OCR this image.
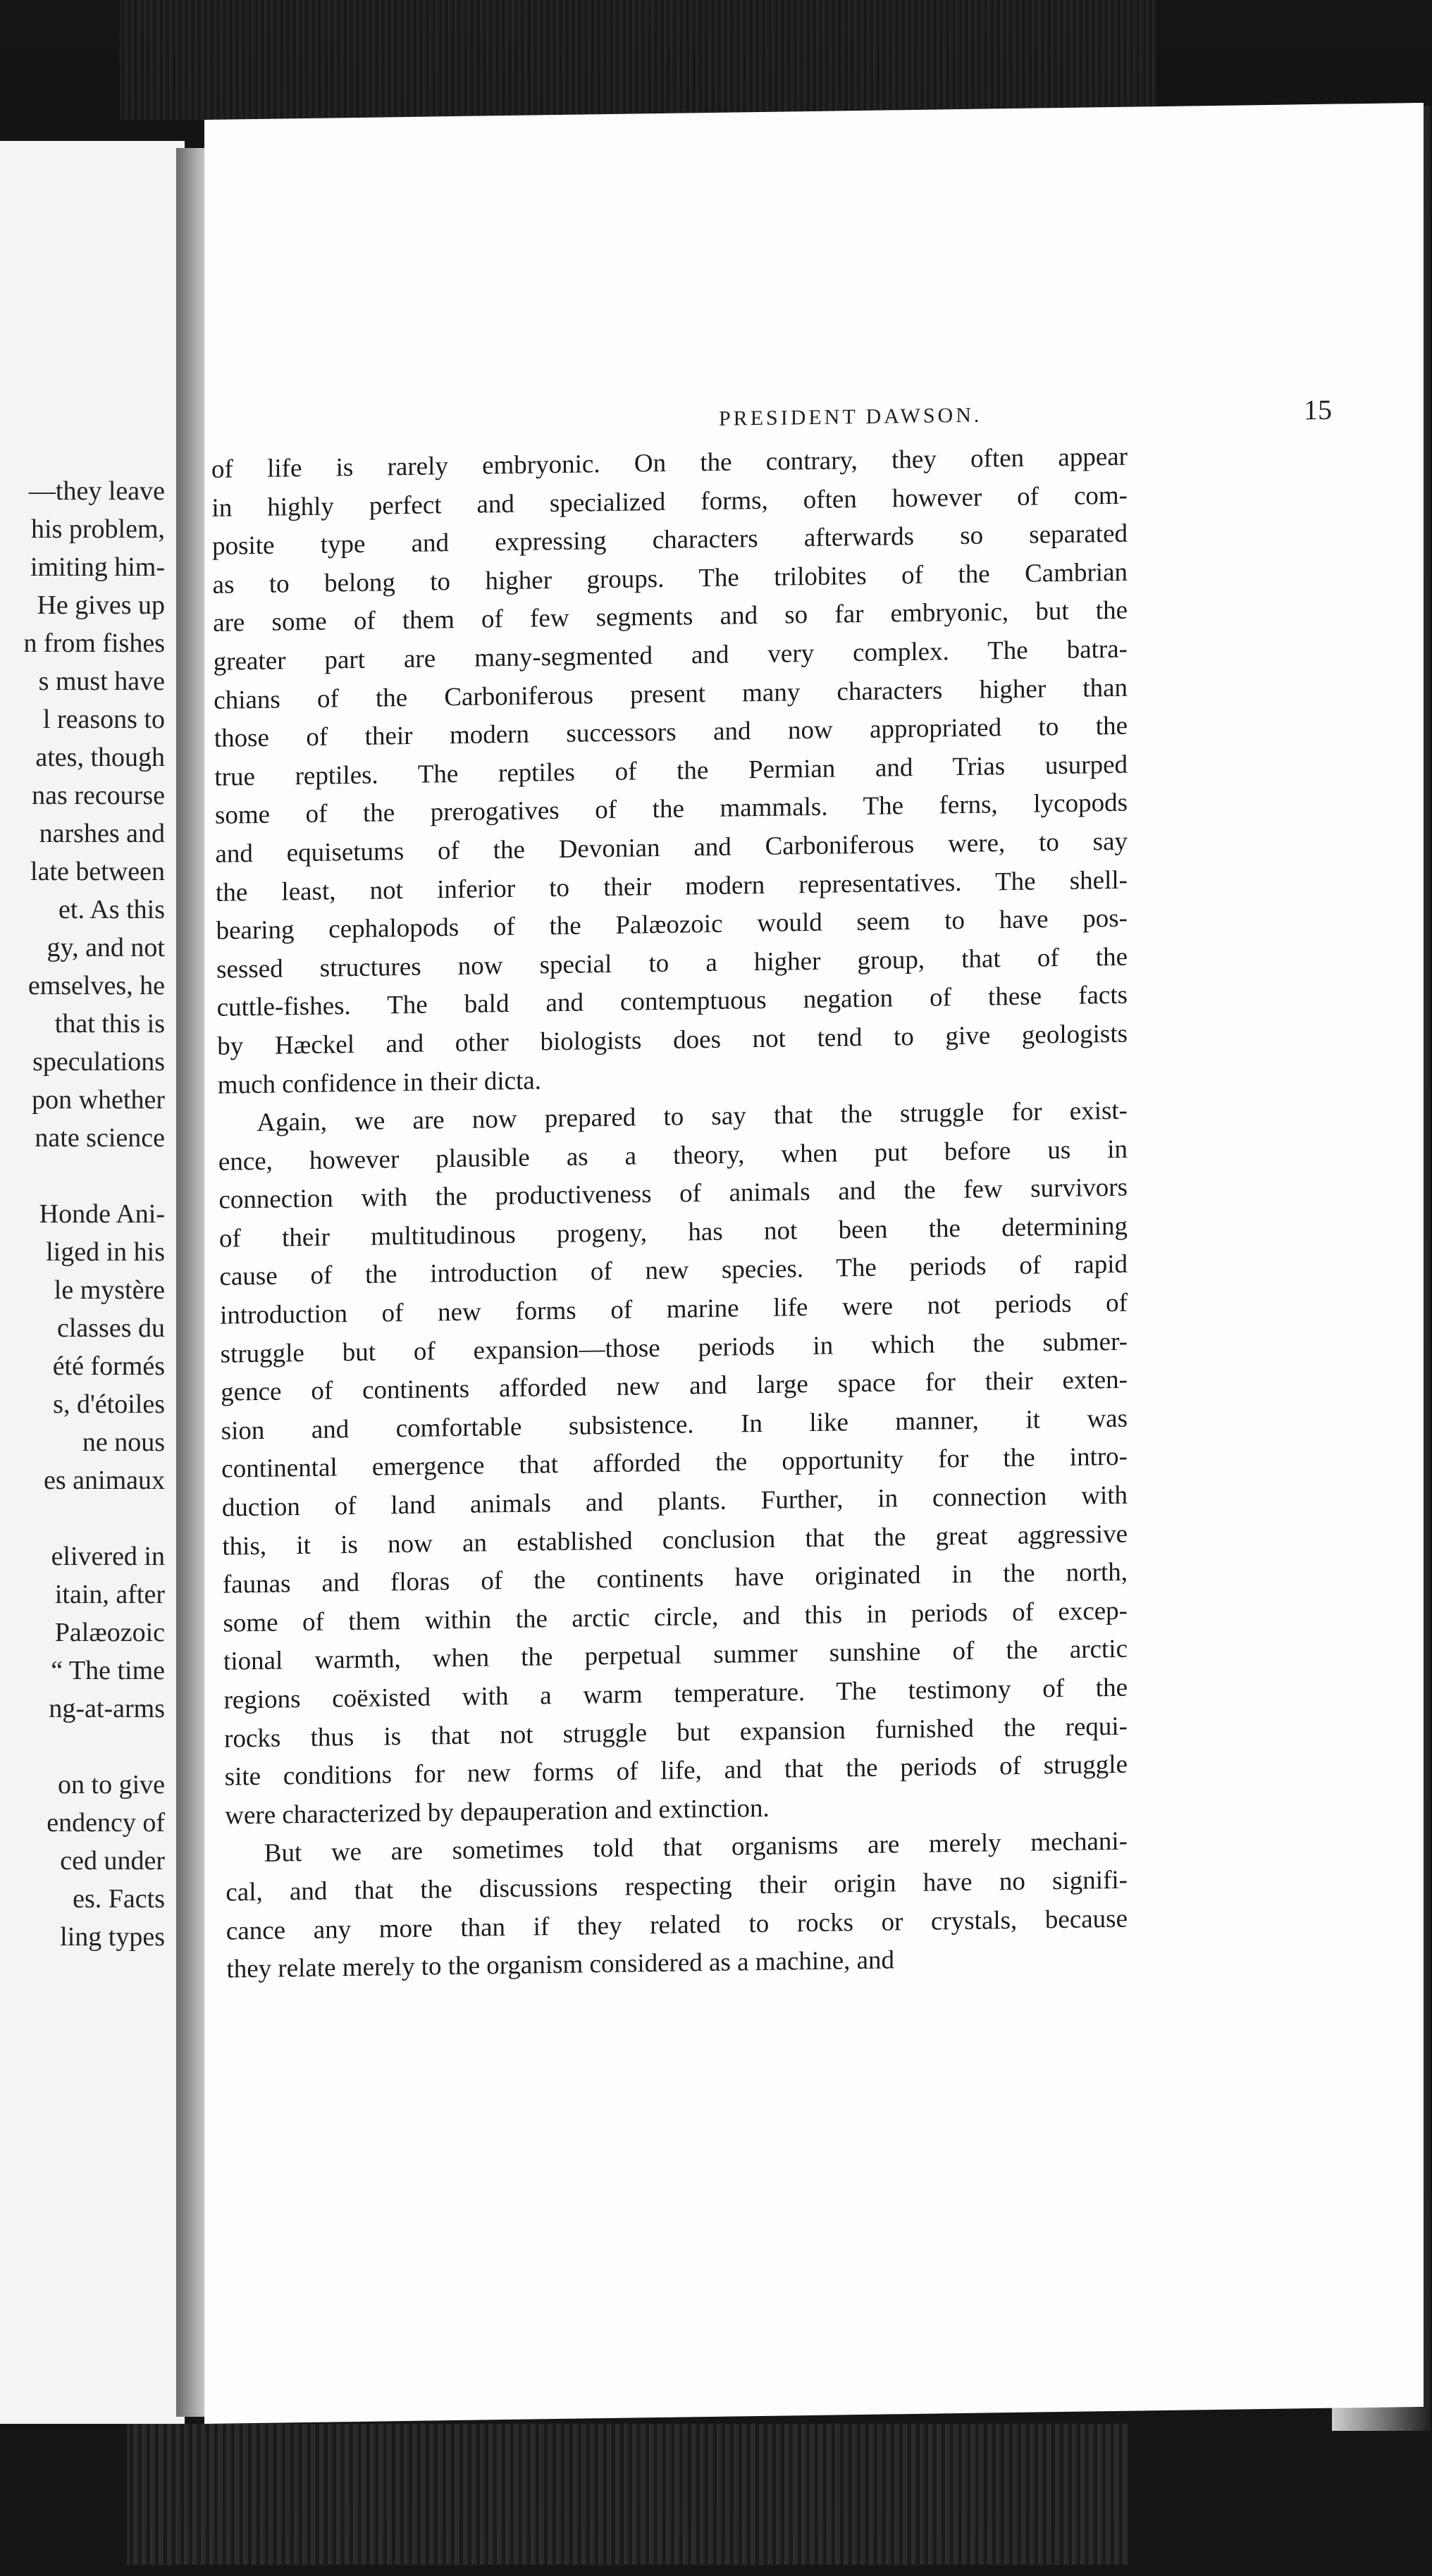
—they leave
his problem,
imiting him-
He gives up
n from fishes
s must have
l reasons to
ates, though
nas recourse
narshes and
late between
et. As this
gy, and not
emselves, he
that this is
speculations
pon whether
nate science
Honde Ani-
liged in his
le mystère
classes du
été formés
s, d'étoiles
ne nous
es animaux
elivered in
itain, after
Palæozoic
“ The time
ng-at-arms
on to give
endency of
ced under
es. Facts
ling types
PRESIDENT DAWSON.	15
of life is rarely embryonic. On the contrary, they often appear
in highly perfect and specialized forms, often however of com-
posite type and expressing characters afterwards so separated
as to belong to higher groups. The trilobites of the Cambrian
are some of them of few segments and so far embryonic, but the
greater part are many-segmented and very complex. The batra-
chians of the Carboniferous present many characters higher than
those of their modern successors and now appropriated to the
true reptiles. The reptiles of the Permian and Trias usurped
some of the prerogatives of the mammals. The ferns, lycopods
and equisetums of the Devonian and Carboniferous were, to say
the least, not inferior to their modern representatives. The shell-
bearing cephalopods of the Palæozoic would seem to have pos-
sessed structures now special to a higher group, that of the
cuttle-fishes. The bald and contemptuous negation of these facts
by Hæckel and other biologists does not tend to give geologists
much confidence in their dicta.
Again, we are now prepared to say that the struggle for exist-
ence, however plausible as a theory, when put before us in
connection with the productiveness of animals and the few survivors
of their multitudinous progeny, has not been the determining
cause of the introduction of new species. The periods of rapid
introduction of new forms of marine life were not periods of
struggle but of expansion—those periods in which the submer-
gence of continents afforded new and large space for their exten-
sion and comfortable subsistence. In like manner, it was
continental emergence that afforded the opportunity for the intro-
duction of land animals and plants. Further, in connection with
this, it is now an established conclusion that the great aggressive
faunas and floras of the continents have originated in the north,
some of them within the arctic circle, and this in periods of excep-
tional warmth, when the perpetual summer sunshine of the arctic
regions coëxisted with a warm temperature. The testimony of the
rocks thus is that not struggle but expansion furnished the requi-
site conditions for new forms of life, and that the periods of struggle
were characterized by depauperation and extinction.
But we are sometimes told that organisms are merely mechani-
cal, and that the discussions respecting their origin have no signifi-
cance any more than if they related to rocks or crystals, because
they relate merely to the organism considered as a machine, and
